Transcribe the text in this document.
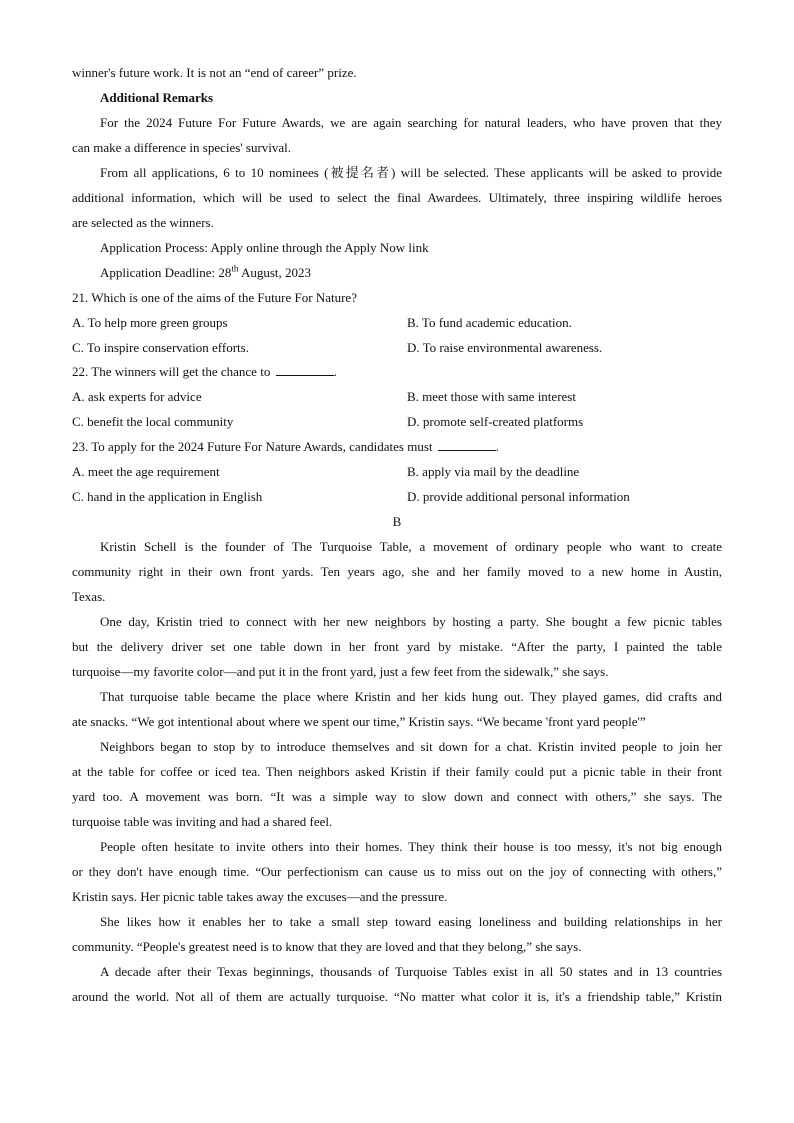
winner's future work. It is not an “end of career” prize.
Additional Remarks
For the 2024 Future For Future Awards, we are again searching for natural leaders, who have proven that they
can make a difference in species' survival.
From all applications, 6 to 10 nominees (被提名者) will be selected. These applicants will be asked to provide
additional information, which will be used to select the final Awardees. Ultimately, three inspiring wildlife heroes
are selected as the winners.
Application Process: Apply online through the Apply Now link
Application Deadline: 28th August, 2023
21. Which is one of the aims of the Future For Nature?
A. To help more green groups	B. To fund academic education.
C. To inspire conservation efforts.	D. To raise environmental awareness.
22. The winners will get the chance to	.
A. ask experts for advice	B. meet those with same interest
C. benefit the local community	D. promote self-created platforms
23. To apply for the 2024 Future For Nature Awards, candidates must	.
A. meet the age requirement	B. apply via mail by the deadline
C. hand in the application in English	D. provide additional personal information
B
Kristin Schell is the founder of The Turquoise Table, a movement of ordinary people who want to create
community right in their own front yards. Ten years ago, she and her family moved to a new home in Austin,
Texas.
One day, Kristin tried to connect with her new neighbors by hosting a party. She bought a few picnic tables
but the delivery driver set one table down in her front yard by mistake. “After the party, I painted the table
turquoise—my favorite color—and put it in the front yard, just a few feet from the sidewalk,” she says.
That turquoise table became the place where Kristin and her kids hung out. They played games, did crafts and
ate snacks. “We got intentional about where we spent our time,” Kristin says. “We became 'front yard people'”
Neighbors began to stop by to introduce themselves and sit down for a chat. Kristin invited people to join her
at the table for coffee or iced tea. Then neighbors asked Kristin if their family could put a picnic table in their front
yard too. A movement was born. “It was a simple way to slow down and connect with others,” she says. The
turquoise table was inviting and had a shared feel.
People often hesitate to invite others into their homes. They think their house is too messy, it's not big enough
or they don't have enough time. “Our perfectionism can cause us to miss out on the joy of connecting with others,”
Kristin says. Her picnic table takes away the excuses—and the pressure.
She likes how it enables her to take a small step toward easing loneliness and building relationships in her
community. “People's greatest need is to know that they are loved and that they belong,” she says.
A decade after their Texas beginnings, thousands of Turquoise Tables exist in all 50 states and in 13 countries
around the world. Not all of them are actually turquoise. “No matter what color it is, it's a friendship table,” Kristin
